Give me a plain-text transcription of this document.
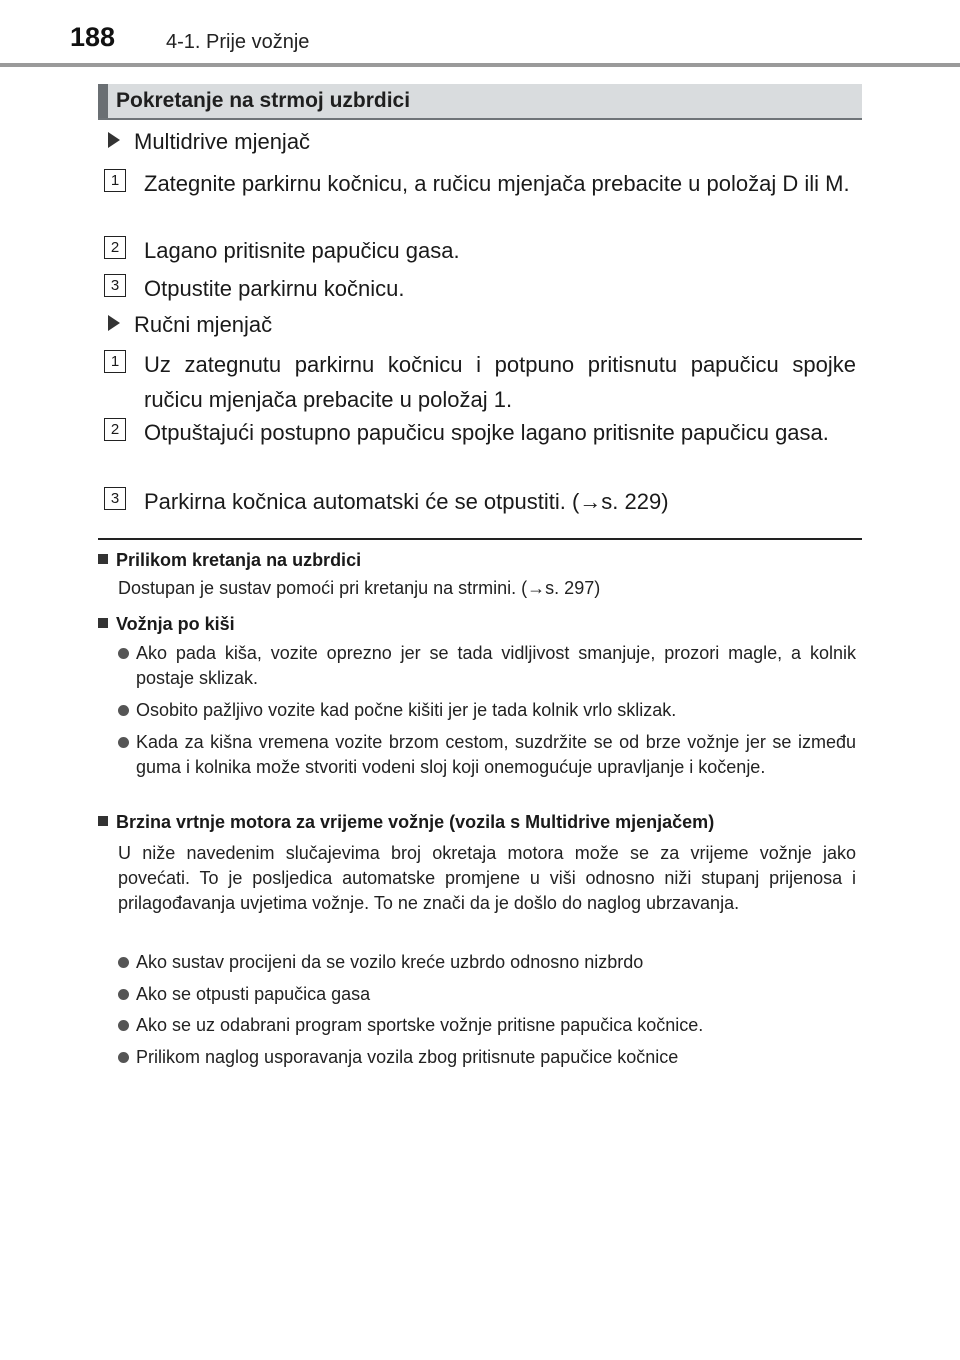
188	4-1. Prije vožnje
Pokretanje na strmoj uzbrdici
Multidrive mjenjač
1	Zategnite parkirnu kočnicu, a ručicu mjenjača prebacite u položaj D ili M.
2	Lagano pritisnite papučicu gasa.
3	Otpustite parkirnu kočnicu.
Ručni mjenjač
1	Uz zategnutu parkirnu kočnicu i potpuno pritisnutu papučicu spojke ručicu mjenjača prebacite u položaj 1.
2	Otpuštajući postupno papučicu spojke lagano pritisnite papučicu gasa.
3	Parkirna kočnica automatski će se otpustiti. (→s. 229)
Prilikom kretanja na uzbrdici
Dostupan je sustav pomoći pri kretanju na strmini. (→s. 297)
Vožnja po kiši
Ako pada kiša, vozite oprezno jer se tada vidljivost smanjuje, prozori magle, a kolnik postaje sklizak.
Osobito pažljivo vozite kad počne kišiti jer je tada kolnik vrlo sklizak.
Kada za kišna vremena vozite brzom cestom, suzdržite se od brze vožnje jer se između guma i kolnika može stvoriti vodeni sloj koji onemogućuje upravljanje i kočenje.
Brzina vrtnje motora za vrijeme vožnje (vozila s Multidrive mjenjačem)
U niže navedenim slučajevima broj okretaja motora može se za vrijeme vožnje jako povećati. To je posljedica automatske promjene u viši odnosno niži stupanj prijenosa i prilagođavanja uvjetima vožnje. To ne znači da je došlo do naglog ubrzavanja.
Ako sustav procijeni da se vozilo kreće uzbrdo odnosno nizbrdo
Ako se otpusti papučica gasa
Ako se uz odabrani program sportske vožnje pritisne papučica kočnice.
Prilikom naglog usporavanja vozila zbog pritisnute papučice kočnice
